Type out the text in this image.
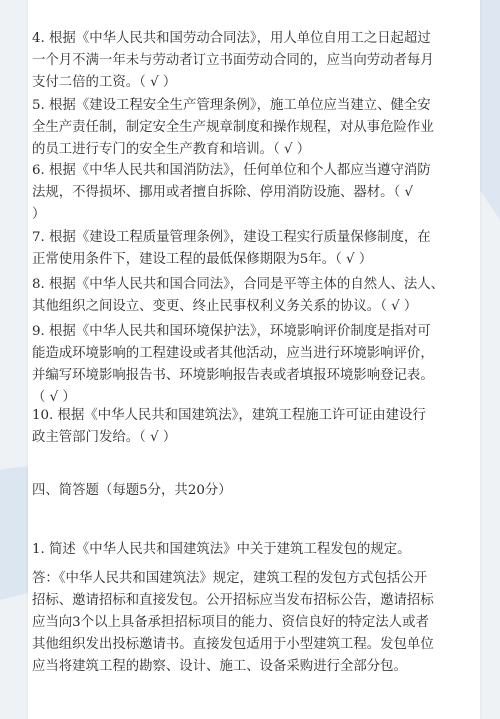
4. 根据《中华人民共和国劳动合同法》，用人单位自用工之日起超过
一个月不满一年未与劳动者订立书面劳动合同的，应当向劳动者每月
支付二倍的工资。（ √ ）
5. 根据《建设工程安全生产管理条例》，施工单位应当建立、健全安
全生产责任制，制定安全生产规章制度和操作规程，对从事危险作业
的员工进行专门的安全生产教育和培训。（ √ ）
6. 根据《中华人民共和国消防法》，任何单位和个人都应当遵守消防
法规，不得损坏、挪用或者擅自拆除、停用消防设施、器材。（ √
）
7. 根据《建设工程质量管理条例》，建设工程实行质量保修制度，在
正常使用条件下，建设工程的最低保修期限为5年。（ √ ）
8. 根据《中华人民共和国合同法》，合同是平等主体的自然人、法人、
其他组织之间设立、变更、终止民事权利义务关系的协议。（ √ ）
9. 根据《中华人民共和国环境保护法》，环境影响评价制度是指对可
能造成环境影响的工程建设或者其他活动，应当进行环境影响评价，
并编写环境影响报告书、环境影响报告表或者填报环境影响登记表。
（ √ ）
10. 根据《中华人民共和国建筑法》，建筑工程施工许可证由建设行
政主管部门发给。（ √ ）
四、简答题（每题5分，共20分）
1. 简述《中华人民共和国建筑法》中关于建筑工程发包的规定。
答：《中华人民共和国建筑法》规定，建筑工程的发包方式包括公开
招标、邀请招标和直接发包。公开招标应当发布招标公告，邀请招标
应当向3个以上具备承担招标项目的能力、资信良好的特定法人或者
其他组织发出投标邀请书。直接发包适用于小型建筑工程。发包单位
应当将建筑工程的勘察、设计、施工、设备采购进行全部分包。
